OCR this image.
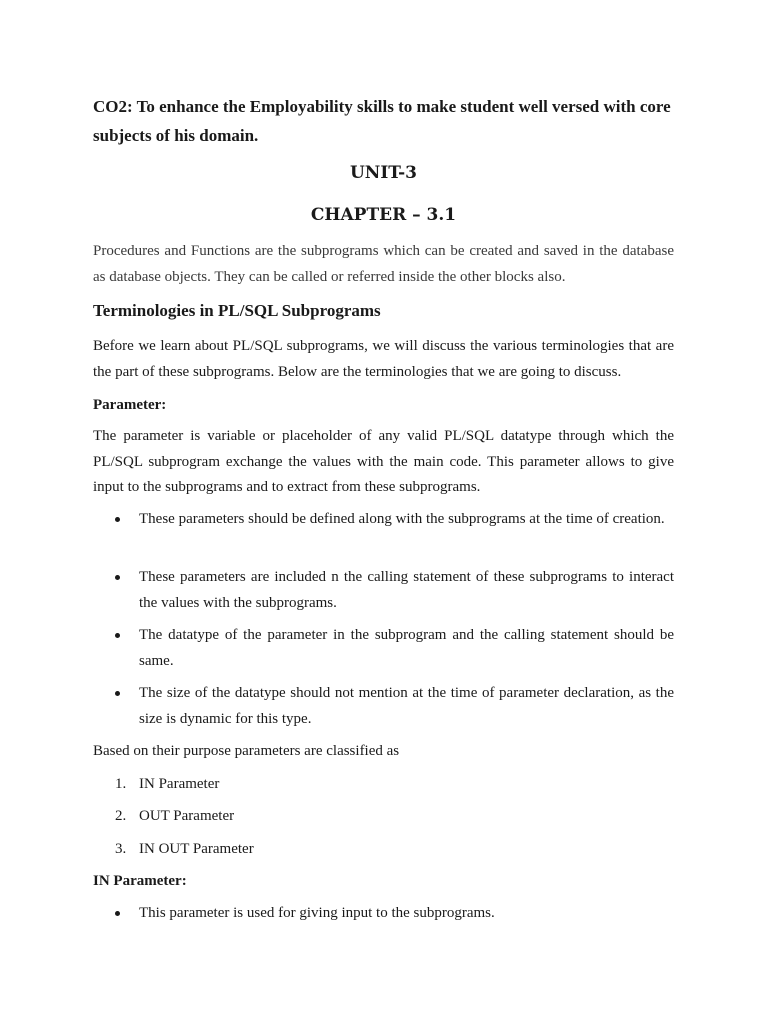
CO2: To enhance the Employability skills to make student well versed with core subjects of his domain.
UNIT-3
CHAPTER – 3.1
Procedures and Functions are the subprograms which can be created and saved in the database as database objects. They can be called or referred inside the other blocks also.
Terminologies in PL/SQL Subprograms
Before we learn about PL/SQL subprograms, we will discuss the various terminologies that are the part of these subprograms. Below are the terminologies that we are going to discuss.
Parameter:
The parameter is variable or placeholder of any valid PL/SQL datatype through which the PL/SQL subprogram exchange the values with the main code. This parameter allows to give input to the subprograms and to extract from these subprograms.
These parameters should be defined along with the subprograms at the time of creation.
These parameters are included n the calling statement of these subprograms to interact the values with the subprograms.
The datatype of the parameter in the subprogram and the calling statement should be same.
The size of the datatype should not mention at the time of parameter declaration, as the size is dynamic for this type.
Based on their purpose parameters are classified as
1. IN Parameter
2. OUT Parameter
3. IN OUT Parameter
IN Parameter:
This parameter is used for giving input to the subprograms.
